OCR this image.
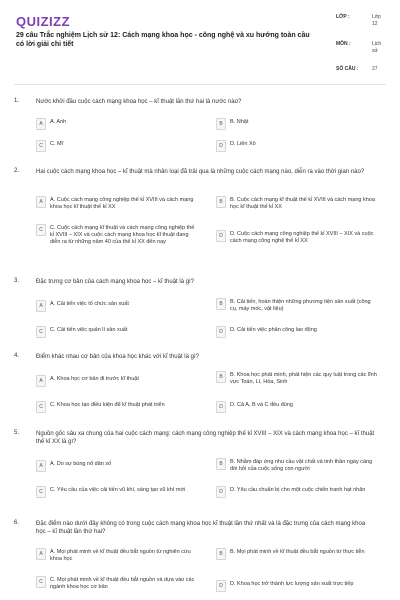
QUIZIZZ
29 câu Trắc nghiệm Lịch sử 12: Cách mạng khoa học - công nghệ và xu hướng toàn cầu có lời giải chi tiết
LỚP :	Lớp 12
MÔN :	Lịch sử
SỐ CÂU :	27
1.	Nước khởi đầu cuộc cách mạng khoa học – kĩ thuật lần thứ hai là nước nào?
A	A. Anh	B	B. Nhật
C	C. Mĩ	D	D. Liên Xô
2.	Hai cuộc cách mạng khoa học – kĩ thuật mà nhân loại đã trải qua là những cuộc cách mạng nào, diễn ra vào thời gian nào?
A	A. Cuộc cách mạng công nghiệp thế kỉ XVIII và cách mạng khoa học kĩ thuật thế kỉ XX
B	B. Cuộc cách mạng kĩ thuật thế kỉ XVIII và cách mạng khoa học kĩ thuật thế kỉ XX
C	C. Cuộc cách mạng kĩ thuật và cách mạng công nghiệp thế kỉ XVIII – XIX và cuộc cách mạng khoa học kĩ thuật đang diễn ra từ những năm 40 của thế kỉ XX đến nay
D	D. Cuộc cách mạng công nghiệp thế kỉ XVIII – XIX và cuộc cách mạng công nghệ thế kỉ XX
3.	Đặc trưng cơ bản của cách mạng khoa học – kĩ thuật là gì?
A	A. Cải tiến việc tổ chức sản xuất	B	B. Cải tiến, hoàn thiện những phương tiện sản xuất (công cụ, máy móc, vật liệu)
C	C. Cải tiến việc quản lí sản xuất	D	D. Cải tiến việc phân công lao động
4.	Điểm khác nhau cơ bản của khoa học khác với kĩ thuật là gì?
A	A. Khoa học cơ bản đi trước kĩ thuật	B	B. Khoa học phát minh, phát hiện các quy luật trong các lĩnh vực Toán, Lí, Hóa, Sinh
C	C. Khoa học tạo điều kiện để kĩ thuật phát triển	D	D. Cả A, B và C đều đúng
5.	Nguồn gốc sâu xa chung của hai cuộc cách mạng: cách mạng công nghiệp thế kỉ XVIII – XIX và cách mạng khoa học – kĩ thuật thế kỉ XX là gì?
A	A. Do sự bùng nổ dân số	B	B. Nhằm đáp ứng nhu cầu vật chất và tinh thần ngày càng đòi hỏi của cuộc sống con người
C	C. Yêu cầu của việc cải tiến vũ khí, sáng tạo vũ khí mới	D	D. Yêu cầu chuẩn bị cho một cuộc chiến tranh hạt nhân
6.	Đặc điểm nào dưới đây không có trong cuộc cách mạng khoa học kĩ thuật lần thứ nhất và là đặc trưng của cách mạng khoa học – kĩ thuật lần thứ hai?
A	A. Mọi phát minh về kĩ thuật đều bắt nguồn từ nghiên cứu khoa học
B	B. Mọi phát minh về kĩ thuật đều bắt nguồn từ thực tiễn
C	C. Mọi phát minh về kĩ thuật đều bắt nguồn và dựa vào các ngành khoa học cơ bản	D	D. Khoa học trở thành lực lượng sản xuất trực tiếp
